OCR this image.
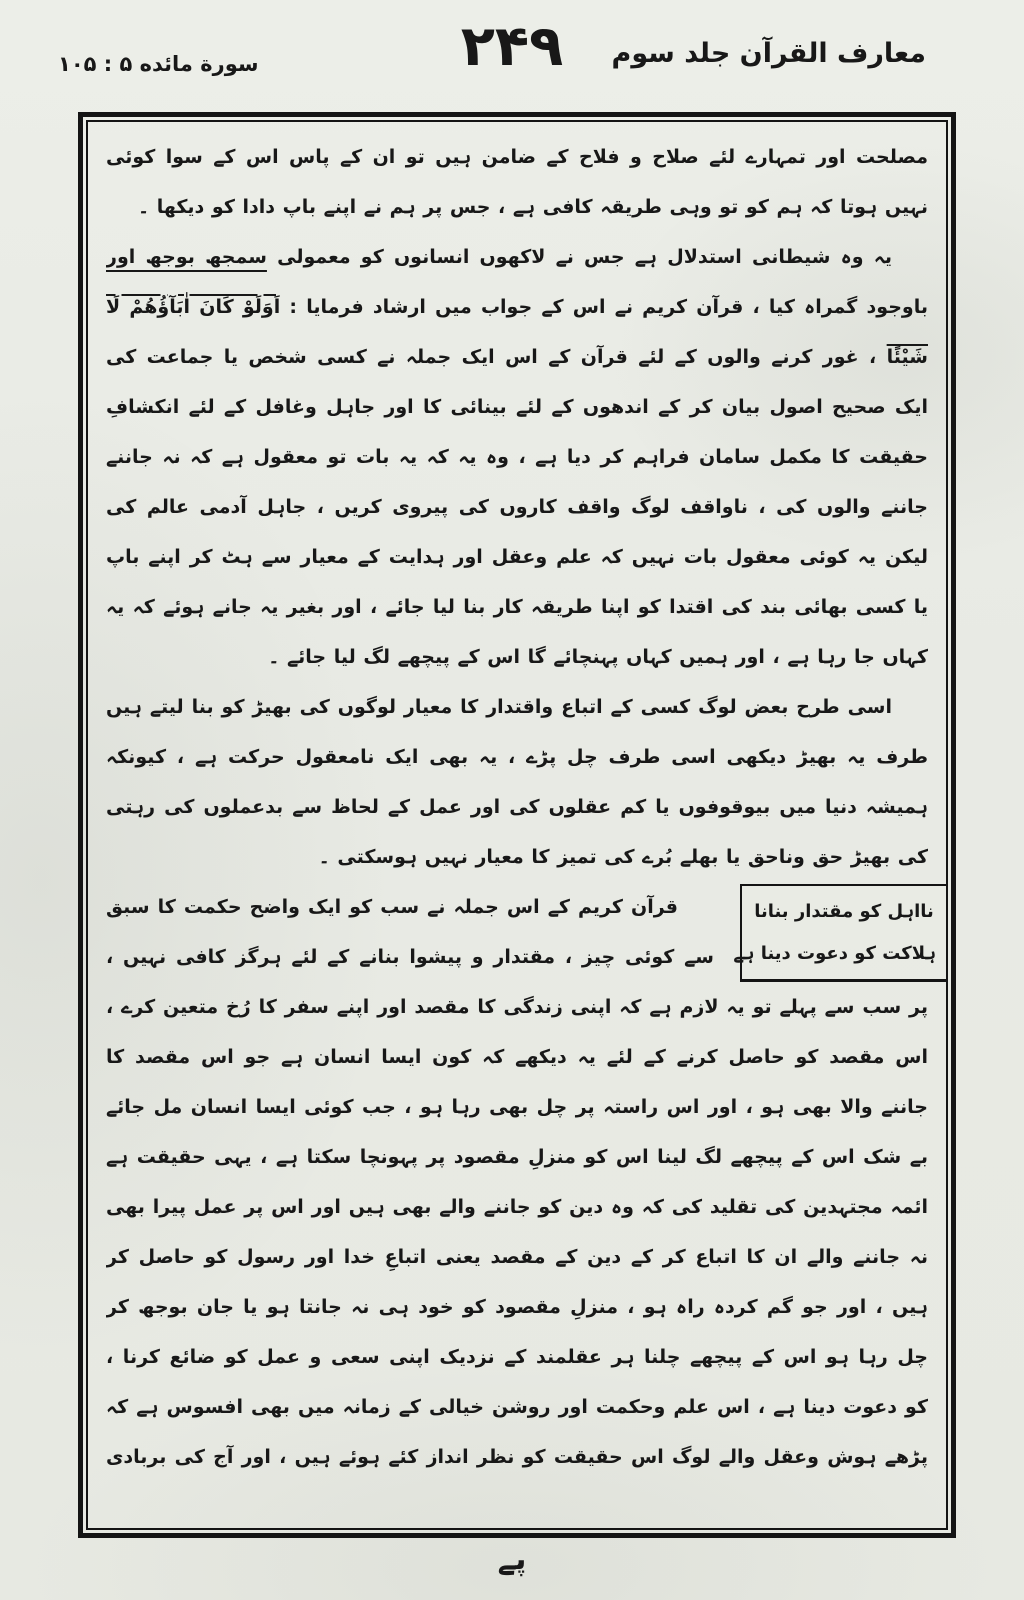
معارف القرآن جلد سوم
۲۴۹
سورة مائده ۵ : ۱۰۵
مصلحت اور تمہارے لئے صلاح و فلاح کے ضامن ہیں تو ان کے پاس اس کے سوا کوئی
نہیں ہوتا کہ ہم کو تو وہی طریقہ کافی ہے ، جس پر ہم نے اپنے باپ دادا کو دیکھا ۔
یہ وہ شیطانی استدلال ہے جس نے لاکھوں انسانوں کو معمولی سمجھ بوجھ اور
باوجود گمراہ کیا ، قرآن کریم نے اس کے جواب میں ارشاد فرمایا : اَوَلَوْ کَانَ اٰبَآؤُهُمْ لَا
شَيْئًا ، غور کرنے والوں کے لئے قرآن کے اس ایک جملہ نے کسی شخص یا جماعت کی
ایک صحیح اصول بیان کر کے اندھوں کے لئے بینائی کا اور جاہل وغافل کے لئے انکشافِ
حقیقت کا مکمل سامان فراہم کر دیا ہے ، وہ یہ کہ یہ بات تو معقول ہے کہ نہ جاننے
جاننے والوں کی ، ناواقف لوگ واقف کاروں کی پیروی کریں ، جاہل آدمی عالم کی
لیکن یہ کوئی معقول بات نہیں کہ علم وعقل اور ہدایت کے معیار سے ہٹ کر اپنے باپ
یا کسی بھائی بند کی اقتدا کو اپنا طریقہ کار بنا لیا جائے ، اور بغیر یہ جانے ہوئے کہ یہ
کہاں جا رہا ہے ، اور ہمیں کہاں پہنچائے گا اس کے پیچھے لگ لیا جائے ۔
اسی طرح بعض لوگ کسی کے اتباع واقتدار کا معیار لوگوں کی بھیڑ کو بنا لیتے ہیں
طرف یہ بھیڑ دیکھی اسی طرف چل پڑے ، یہ بھی ایک نامعقول حرکت ہے ، کیونکہ
ہمیشہ دنیا میں بیوقوفوں یا کم عقلوں کی اور عمل کے لحاظ سے بدعملوں کی رہتی
کی بھیڑ حق وناحق یا بھلے بُرے کی تمیز کا معیار نہیں ہوسکتی ۔
قرآن کریم کے اس جملہ نے سب کو ایک واضح حکمت کا سبق
سے کوئی چیز ، مقتدار و پیشوا بنانے کے لئے ہرگز کافی نہیں ،
پر سب سے پہلے تو یہ لازم ہے کہ اپنی زندگی کا مقصد اور اپنے سفر کا رُخ متعین کرے ،
اس مقصد کو حاصل کرنے کے لئے یہ دیکھے کہ کون ایسا انسان ہے جو اس مقصد کا
جاننے والا بھی ہو ، اور اس راستہ پر چل بھی رہا ہو ، جب کوئی ایسا انسان مل جائے
بے شک اس کے پیچھے لگ لینا اس کو منزلِ مقصود پر پہونچا سکتا ہے ، یہی حقیقت ہے
ائمہ مجتہدین کی تقلید کی کہ وہ دین کو جاننے والے بھی ہیں اور اس پر عمل پیرا بھی
نہ جاننے والے ان کا اتباع کر کے دین کے مقصد یعنی اتباعِ خدا اور رسول کو حاصل کر
ہیں ، اور جو گم کردہ راہ ہو ، منزلِ مقصود کو خود ہی نہ جانتا ہو یا جان بوجھ کر
چل رہا ہو اس کے پیچھے چلنا ہر عقلمند کے نزدیک اپنی سعی و عمل کو ضائع کرنا ،
کو دعوت دینا ہے ، اس علم وحکمت اور روشن خیالی کے زمانہ میں بھی افسوس ہے کہ
پڑھے ہوش وعقل والے لوگ اس حقیقت کو نظر انداز کئے ہوئے ہیں ، اور آج کی بربادی
نااہل کو مقتدار بنانا
ہلاکت کو دعوت دینا ہے
پے
